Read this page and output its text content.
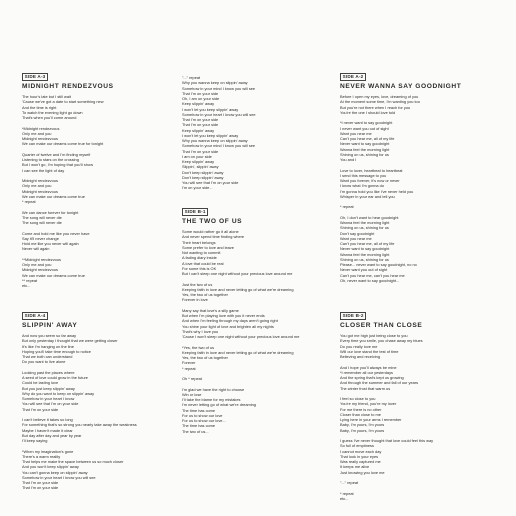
SIDE A-3
MIDNIGHT RENDEZVOUS
The hour's late but I still wait
'Cause we've got a date to start something new
And the time is right
To watch the evening light go down
That's when you'll come around
*Midnight rendezvous
Only me and you
Midnight rendezvous
We can make our dreams come true for tonight
Quarter of twelve and I'm finding myself
Listening to stars on the crossing
But I won't go, I'm hoping that you'll show
I can see the light of day
Midnight rendezvous
Only me and you
Midnight rendezvous
We can make our dreams come true
* repeat
We can dance forever for tonight
The song will never die
The song will never die
Come and hold me like you never have
Say it'll never change
Hold me like you never will again
Never will again
**Midnight rendezvous
Only me and you
Midnight rendezvous
We can make our dreams come true
** repeat
etc...
SIDE A-4
SLIPPIN' AWAY
And now you seem so far away
But only yesterday I thought that we were getting closer
It's like I'm hanging on the line
Hoping you'll take time enough to notice
That we both can understand
Do you want to live alone
Looking past the places where
A seed of love could grow in the future
Could be lasting love
But you just keep slippin' away
Why do you want to keep on slippin' away
Somehow in your heart I know
You will see that I'm on your side
That I'm on your side
I can't believe it takes so long
For something that's so strong you nearly take away the weakness
Maybe I haven't made it clear
But day after day and year by year
I'll keep saying
*When my imagination's gone
There's a warm reality
That helps me make the space between us so much closer
And you won't keep slippin' away
You can't gonna keep on slippin' away
Somehow in your heart I know you will see
That I'm on your side
That I'm on your side
"..." repeat
Why you wanna keep on slippin' away
Somehow in your mind I know you will see
That I'm on your side
Oh, I am on your side
Keep slippin' away
I won't let you keep slippin' away
Somehow in your heart I know you will see
That I'm on your side
That I'm on your side
Keep slippin' away
I won't let you keep slippin' away
Why you wanna keep on slippin' away
Somehow in your mind I know you will see
That I'm on your side
I am on your side
Keep slippin' away
Slippin', slippin' away
Don't keep slippin' away
Don't keep slippin' away
You will see that I'm on your side
I'm on your side...
SIDE B-1
THE TWO OF US
Some would rather go it all alone
And never spend time finding where
Their heart belongs
Some prefer to love and leave
Not wanting to commit
A fading diary inside
A love that could be real
For some this is OK
But I can't sleep one night without your precious love around me
Just the two of us
Keeping faith in love and never letting go of what we're dreaming
Yes, the two of us together
Forever in love
Many say that love's a silly game
But when I'm playing love with you it never ends
And when I'm feeling through my days aren't going right
You shine your light of love and brighten all my nights
That's why I love you
'Cause I won't sleep one night without your precious love around me
*Yes, the two of us
Keeping faith in love and never letting go of what we're dreaming
Yes, the two of us together
Forever
* repeat
Oh * repeat
I'm glad we have the right to choose
Win or lose
I'll take the blame for my mistakes
I'm never letting go of what we're dreaming
The time has come
For us to show our love
For us to show our love...
The time has come
The two of us...
SIDE A-2
NEVER WANNA SAY GOODNIGHT
Before I open my eyes, love, dreaming of you
At the moment some time, I'm wanting you too
But you're not there when I reach for you
You're the one I should love told
*I never want to say goodnight
I never want you out of sight
Want you near me
Can't you hear me, all of my life
Never want to say goodnight
Wanna feel the morning light
Shining on us, shining for us
You and I
Love to lover, heartbeat to heartbeat
I send this message to you
Want you forever, it's now or never
I know what I'm gonna do
I'm gonna hold you like I've never held you
Whisper in your ear and tell you
* repeat
Oh, I don't want to hear goodnight
Wanna feel the morning light
Shining on us, shining for us
Don't say goodnight
Want you near me
Can't you hear me, all of my life
Never want to say goodnight
Wanna feel the morning light
Shining on us, shining for us
Please... never want to say goodnight, no no
Never want you out of sight
Can't you hear me, can't you hear me
Oh, never want to say goodnight...
SIDE B-2
CLOSER THAN CLOSE
You got me high just being close to you
Every time you smile, you chase away my blues
Do you really love me
Will our love stand the test of time
Believing and receiving
And I hope you'll always be mine
*I remember all our yesterdays
And the spring that's kept us growing
And through the summer and fall of our years
The winter frost that warm us
I feel so close to you
You're my friend, you're my lover
For me there is no other
Closer than close to me
Lying here in your arms I remember
Baby, I'm yours, I'm yours
Baby, I'm yours, I'm yours
I guess I've never thought that love could feel this way
So full of emptiness
I cannot move each day
That look in your eyes
Was really captured me
It keeps me alive
Just knowing you love me
"..." repeat
* repeat
etc...
